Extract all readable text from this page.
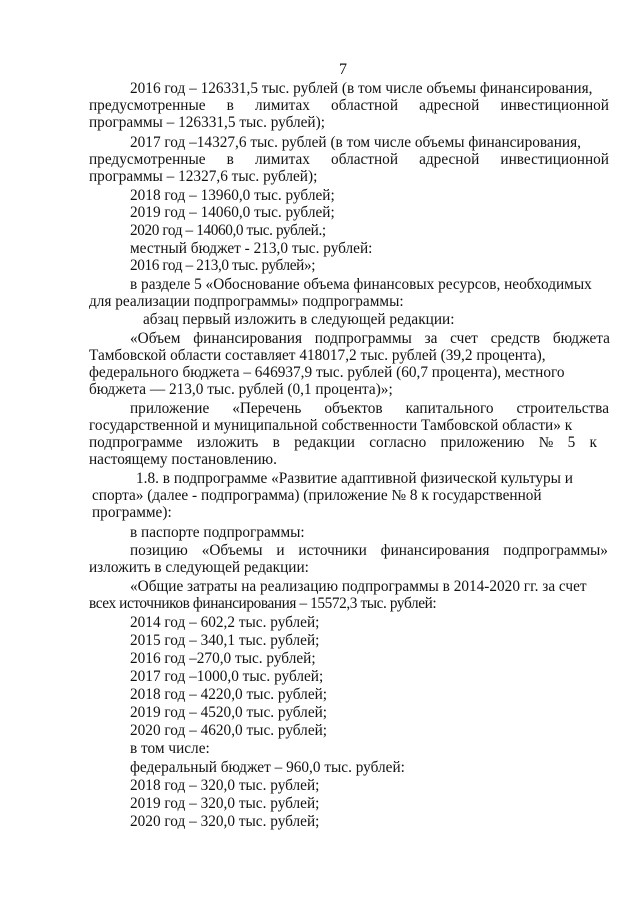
7
2016 год – 126331,5 тыс. рублей (в том числе объемы финансирования,
предусмотренные в лимитах областной адресной инвестиционной
программы – 126331,5 тыс. рублей);
2017 год –14327,6 тыс. рублей (в том числе объемы финансирования,
предусмотренные в лимитах областной адресной инвестиционной
программы – 12327,6 тыс. рублей);
2018 год – 13960,0 тыс. рублей;
2019 год – 14060,0 тыс. рублей;
2020 год – 14060,0 тыс. рублей.;
местный бюджет - 213,0 тыс. рублей:
2016 год – 213,0 тыс. рублей»;
в разделе 5 «Обоснование объема финансовых ресурсов, необходимых
для реализации подпрограммы» подпрограммы:
абзац первый изложить в следующей редакции:
«Объем финансирования подпрограммы за счет средств бюджета
Тамбовской области составляет 418017,2 тыс. рублей (39,2 процента),
федерального бюджета – 646937,9 тыс. рублей (60,7 процента), местного
бюджета — 213,0 тыс. рублей (0,1 процента)»;
приложение «Перечень объектов капитального строительства
государственной и муниципальной собственности Тамбовской области» к
подпрограмме изложить в редакции согласно приложению № 5 к
настоящему постановлению.
1.8. в подпрограмме «Развитие адаптивной физической культуры и
спорта» (далее - подпрограмма) (приложение № 8 к государственной
программе):
в паспорте подпрограммы:
позицию «Объемы и источники финансирования подпрограммы»
изложить в следующей редакции:
«Общие затраты на реализацию подпрограммы в 2014-2020 гг. за счет
всех источников финансирования – 15572,3 тыс. рублей:
2014 год – 602,2 тыс. рублей;
2015 год – 340,1 тыс. рублей;
2016 год –270,0 тыс. рублей;
2017 год –1000,0 тыс. рублей;
2018 год – 4220,0 тыс. рублей;
2019 год – 4520,0 тыс. рублей;
2020 год – 4620,0 тыс. рублей;
в том числе:
федеральный бюджет – 960,0 тыс. рублей:
2018 год – 320,0 тыс. рублей;
2019 год – 320,0 тыс. рублей;
2020 год – 320,0 тыс. рублей;
